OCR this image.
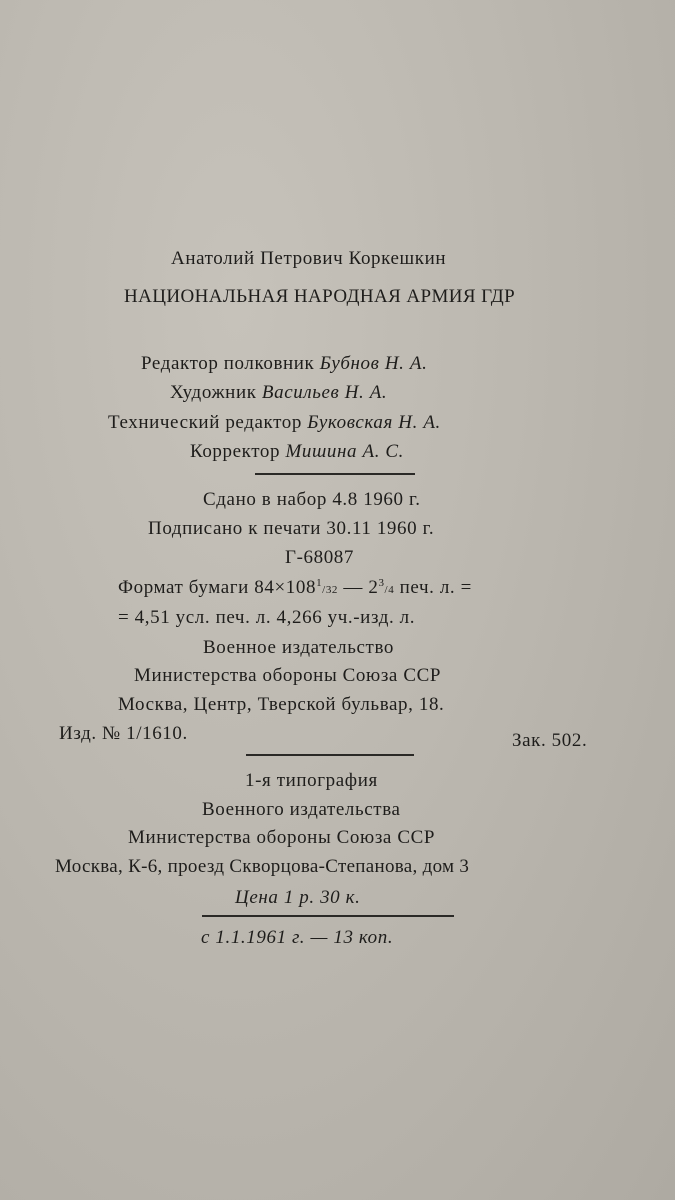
Анатолий Петрович Коркешкин
НАЦИОНАЛЬНАЯ НАРОДНАЯ АРМИЯ ГДР
Редактор полковник Бубнов Н. А.
Художник Васильев Н. А.
Технический редактор Буковская Н. А.
Корректор Мишина А. С.
Сдано в набор 4.8 1960 г.
Подписано к печати 30.11 1960 г.
Г-68087
Формат бумаги $84\times 108^1/32$ — $2^3/4$ печ. л. =
= 4,51 усл. печ. л. 4,266 уч.-изд. л.
Военное издательство
Министерства обороны Союза ССР
Москва, Центр, Тверской бульвар, 18.
Изд. № 1/1610.	Зак. 502.
1-я типография
Военного издательства
Министерства обороны Союза ССР
Москва, К-6, проезд Скворцова-Степанова, дом 3
Цена 1 р. 30 к.
с 1.1.1961 г. — 13 коп.
